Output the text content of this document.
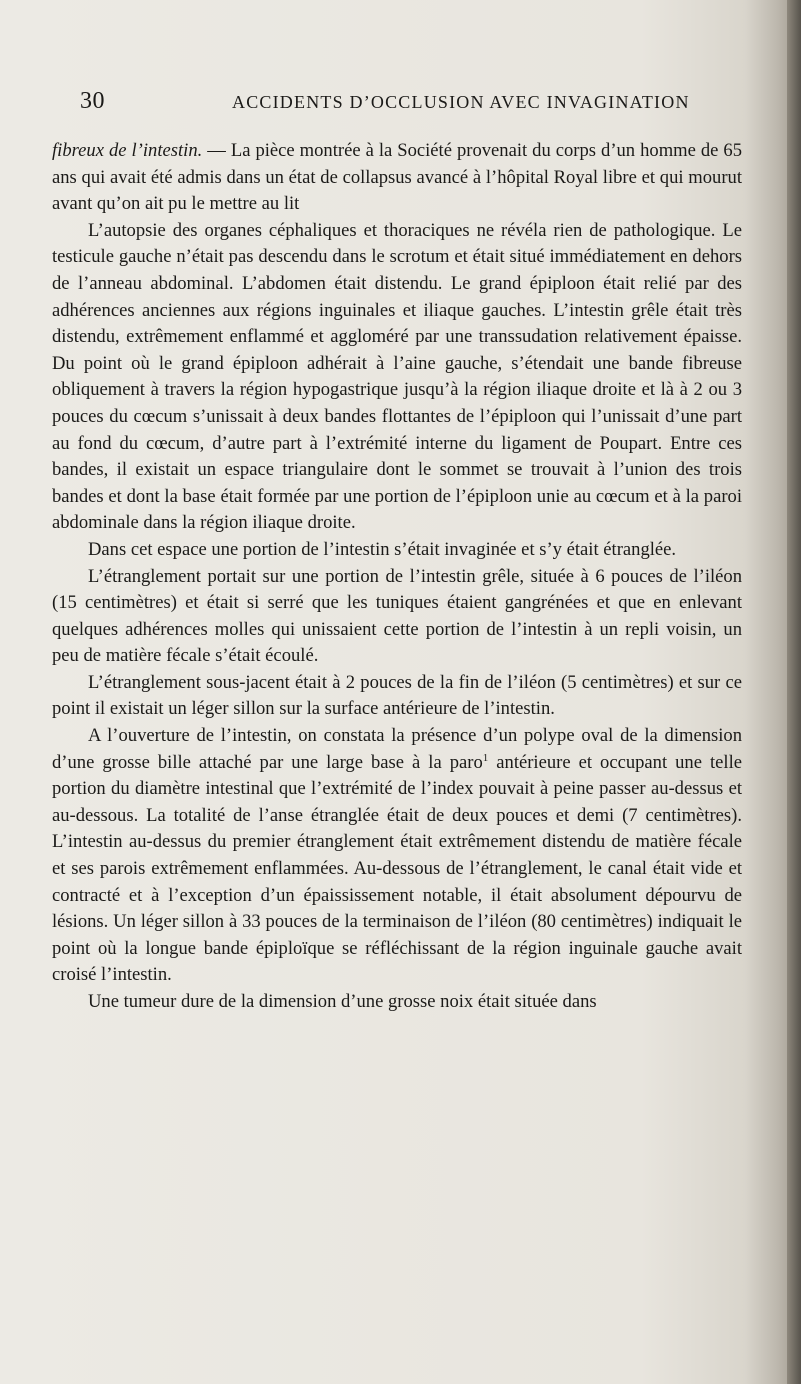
30	ACCIDENTS D’OCCLUSION AVEC INVAGINATION

fibreux de l’intestin. — La pièce montrée à la Société provenait du corps d’un homme de 65 ans qui avait été admis dans un état de collapsus avancé à l’hôpital Royal libre et qui mourut avant qu’on ait pu le mettre au lit

L’autopsie des organes céphaliques et thoraciques ne révéla rien de pathologique. Le testicule gauche n’était pas descendu dans le scrotum et était situé immédiatement en dehors de l’anneau abdominal. L’abdomen était distendu. Le grand épiploon était relié par des adhérences anciennes aux régions inguinales et iliaque gauches. L’intestin grêle était très distendu, extrêmement enflammé et aggloméré par une transsudation relativement épaisse. Du point où le grand épiploon adhérait à l’aine gauche, s’étendait une bande fibreuse obliquement à travers la région hypogastrique jusqu’à la région iliaque droite et là à 2 ou 3 pouces du cœcum s’unissait à deux bandes flottantes de l’épiploon qui l’unissait d’une part au fond du cœcum, d’autre part à l’extrémité interne du ligament de Poupart. Entre ces bandes, il existait un espace triangulaire dont le sommet se trouvait à l’union des trois bandes et dont la base était formée par une portion de l’épiploon unie au cœcum et à la paroi abdominale dans la région iliaque droite.

Dans cet espace une portion de l’intestin s’était invaginée et s’y était étranglée.

L’étranglement portait sur une portion de l’intestin grêle, située à 6 pouces de l’iléon (15 centimètres) et était si serré que les tuniques étaient gangrénées et que en enlevant quelques adhérences molles qui unissaient cette portion de l’intestin à un repli voisin, un peu de matière fécale s’était écoulé.

L’étranglement sous-jacent était à 2 pouces de la fin de l’iléon (5 centimètres) et sur ce point il existait un léger sillon sur la surface antérieure de l’intestin.

A l’ouverture de l’intestin, on constata la présence d’un polype oval de la dimension d’une grosse bille attaché par une large base à la paro$^1$ antérieure et occupant une telle portion du diamètre intestinal que l’extrémité de l’index pouvait à peine passer au-dessus et au-dessous. La totalité de l’anse étranglée était de deux pouces et demi (7 centimètres). L’intestin au-dessus du premier étranglement était extrêmement distendu de matière fécale et ses parois extrêmement enflammées. Au-dessous de l’étranglement, le canal était vide et contracté et à l’exception d’un épaississement notable, il était absolument dépourvu de lésions. Un léger sillon à 33 pouces de la terminaison de l’iléon (80 centimètres) indiquait le point où la longue bande épiploïque se réfléchissant de la région inguinale gauche avait croisé l’intestin.

Une tumeur dure de la dimension d’une grosse noix était située dans
